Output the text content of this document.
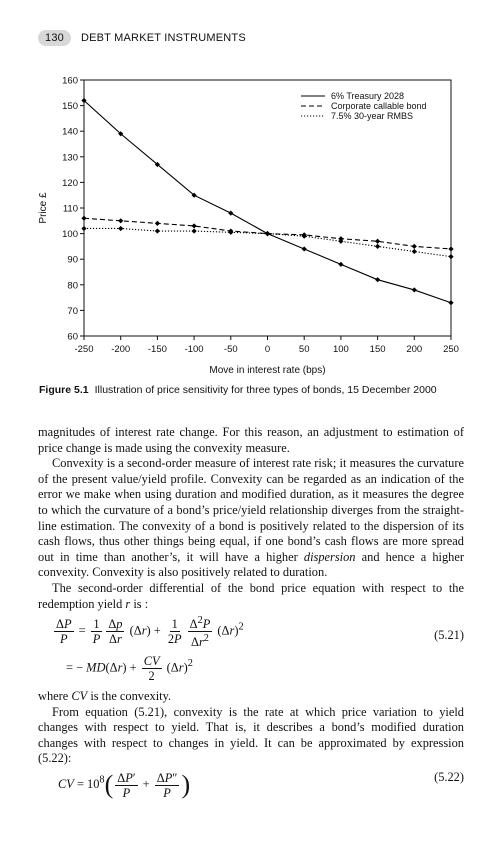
130	DEBT MARKET INSTRUMENTS
60
70
80
90
100
110
120
130
140
150
160
-250 -200 -150 -100 -50	0	50 100 150 200 250
Move in interest rate (bps)
Price £
6% Treasury 2028
Corporate callable bond
7.5% 30-year RMBS
Figure 5.1 Illustration of price sensitivity for three types of bonds, 15 December 2000

magnitudes of interest rate change. For this reason, an adjustment to estimation of price change is made using the convexity measure.

Convexity is a second-order measure of interest rate risk; it measures the curvature of the present value/yield profile. Convexity can be regarded as an indication of the error we make when using duration and modified duration, as it measures the degree to which the curvature of a bond’s price/yield relationship diverges from the straight-line estimation. The convexity of a bond is positively related to the dispersion of its cash flows, thus other things being equal, if one bond’s cash flows are more spread out in time than another’s, it will have a higher dispersion and hence a higher convexity. Convexity is also positively related to duration.

The second-order differential of the bond price equation with respect to the redemption yield r is :

$\frac{\Delta P}{P} = \frac{1}{P} \frac{\Delta p}{\Delta r} (\Delta r) + \frac{1}{2P} \frac{\Delta^2P}{\Delta r^2} (\Delta r)^2$
(5.21)
= − $MD(\Delta r) + \frac{CV}{2} (\Delta r)^2$

where CV is the convexity.

From equation (5.21), convexity is the rate at which price variation to yield changes with respect to yield. That is, it describes a bond’s modified duration changes with respect to changes in yield. It can be approximated by expression (5.22):

CV = $10^8( \frac{\Delta P'}{P} + \frac{\Delta P''}{P}$ )	(5.22)
